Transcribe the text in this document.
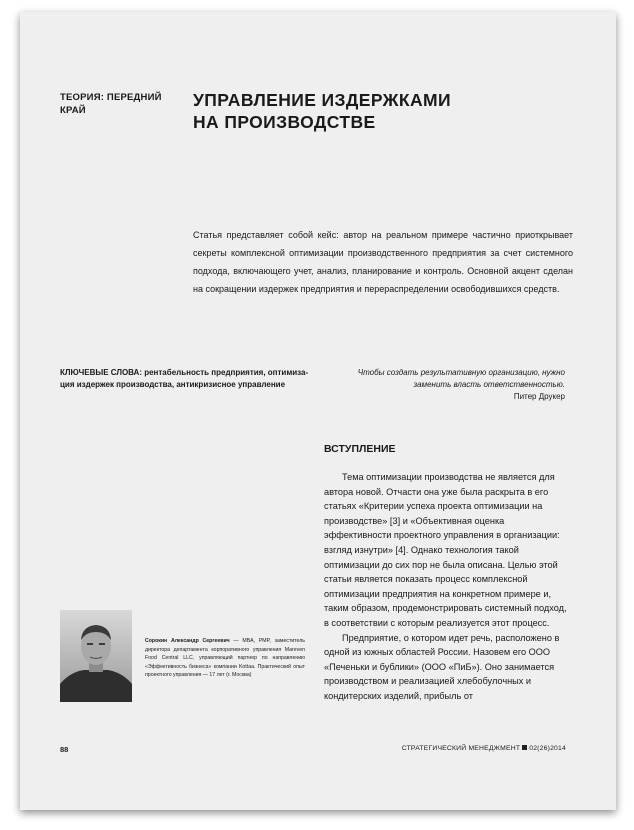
ТЕОРИЯ: ПЕРЕДНИЙ КРАЙ
УПРАВЛЕНИЕ ИЗДЕРЖКАМИ
НА ПРОИЗВОДСТВЕ
Статья представляет собой кейс: автор на реальном примере частично приоткрывает секреты комплексной оптимизации производственного предприятия за счет системного подхода, включающего учет, анализ, планирование и контроль. Основной акцент сделан на сокращении издержек предприятия и перераспределении освободившихся средств.
КЛЮЧЕВЫЕ СЛОВА: рентабельность предприятия, оптимизация издержек производства, антикризисное управление
Чтобы создать результативную организацию, нужно заменить власть ответственностью.
Питер Друкер
ВСТУПЛЕНИЕ

Тема оптимизации производства не является для автора новой. Отчасти она уже была раскрыта в его статьях «Критерии успеха проекта оптимизации на производстве» [3] и «Объективная оценка эффективности проектного управления в организации: взгляд изнутри» [4]. Однако технология такой оптимизации до сих пор не была описана. Целью этой статьи является показать процесс комплексной оптимизации предприятия на конкретном примере и, таким образом, продемонстрировать системный подход, в соответствии с которым реализуется этот процесс.

Предприятие, о котором идет речь, расположено в одной из южных областей России. Назовем его ООО «Печеньки и бублики» (ООО «ПиБ»). Оно занимается производством и реализацией хлебобулочных и кондитерских изделий, прибыль от

Сорокин Александр Сергеевич — MBA, PMP, заместитель директора департамента корпоративного управления Mareven Food Central LLC, управляющий партнер по направлению «Эффективность бизнеса» компании Kottaa. Практический опыт проектного управления — 17 лет (г. Москва)
88	СТРАТЕГИЧЕСКИЙ МЕНЕДЖМЕНТ 02(26)2014
